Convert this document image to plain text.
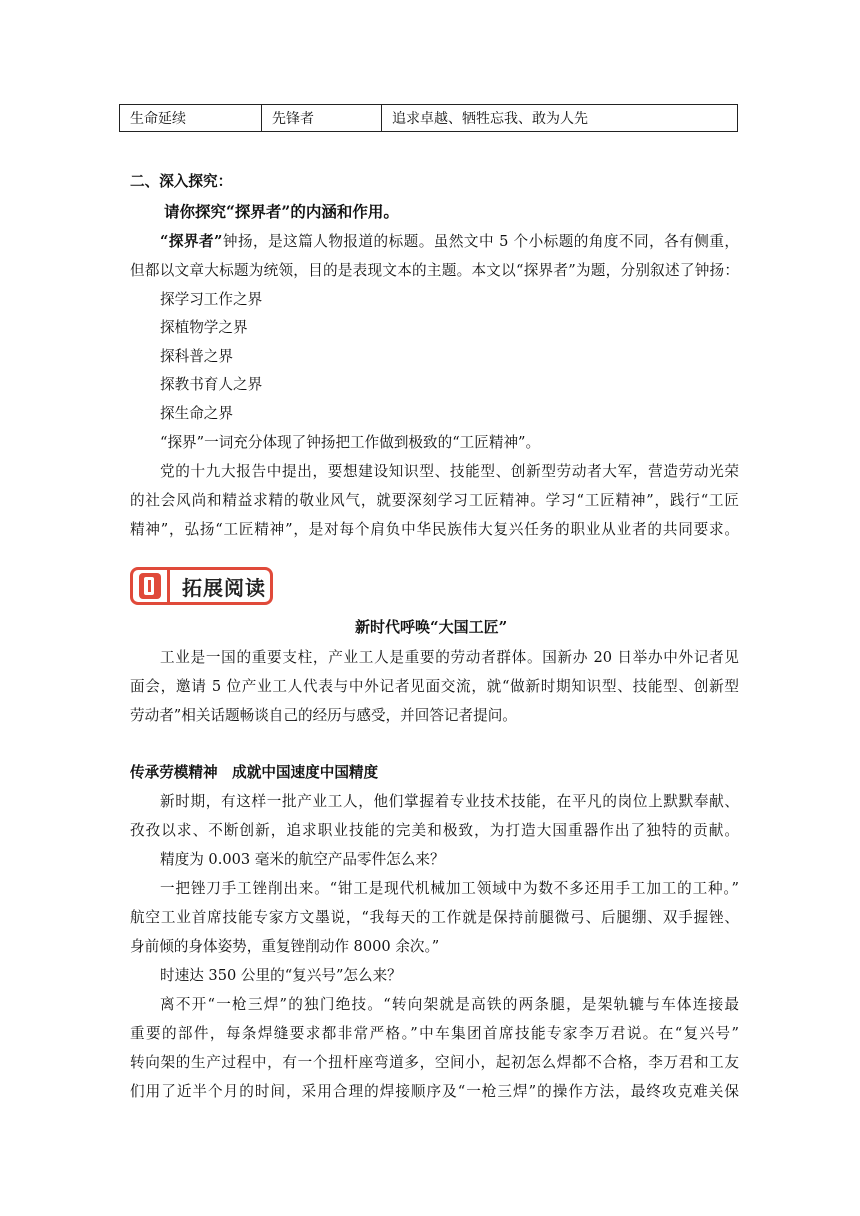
生命延续	先锋者	追求卓越、牺牲忘我、敢为人先
二、深入探究：
请你探究“探界者”的内涵和作用。
“探界者”钟扬，是这篇人物报道的标题。虽然文中 5 个小标题的角度不同，各有侧重，
但都以文章大标题为统领，目的是表现文本的主题。本文以“探界者”为题，分别叙述了钟扬：
探学习工作之界
探植物学之界
探科普之界
探教书育人之界
探生命之界
“探界”一词充分体现了钟扬把工作做到极致的“工匠精神”。
党的十九大报告中提出，要想建设知识型、技能型、创新型劳动者大军，营造劳动光荣
的社会风尚和精益求精的敬业风气，就要深刻学习工匠精神。学习“工匠精神”，践行“工匠
精神”，弘扬“工匠精神”，是对每个肩负中华民族伟大复兴任务的职业从业者的共同要求。
拓展阅读
新时代呼唤“大国工匠”
工业是一国的重要支柱，产业工人是重要的劳动者群体。国新办 20 日举办中外记者见
面会，邀请 5 位产业工人代表与中外记者见面交流，就“做新时期知识型、技能型、创新型
劳动者”相关话题畅谈自己的经历与感受，并回答记者提问。
传承劳模精神　成就中国速度中国精度
新时期，有这样一批产业工人，他们掌握着专业技术技能，在平凡的岗位上默默奉献、
孜孜以求、不断创新，追求职业技能的完美和极致，为打造大国重器作出了独特的贡献。
精度为 0.003 毫米的航空产品零件怎么来？
一把锉刀手工锉削出来。“钳工是现代机械加工领域中为数不多还用手工加工的工种。”
航空工业首席技能专家方文墨说，“我每天的工作就是保持前腿微弓、后腿绷、双手握锉、
身前倾的身体姿势，重复锉削动作 8000 余次。”
时速达 350 公里的“复兴号”怎么来？
离不开“一枪三焊”的独门绝技。“转向架就是高铁的两条腿，是架轨辘与车体连接最
重要的部件，每条焊缝要求都非常严格。”中车集团首席技能专家李万君说。在“复兴号”
转向架的生产过程中，有一个扭杆座弯道多，空间小，起初怎么焊都不合格，李万君和工友
们用了近半个月的时间，采用合理的焊接顺序及“一枪三焊”的操作方法，最终攻克难关保
